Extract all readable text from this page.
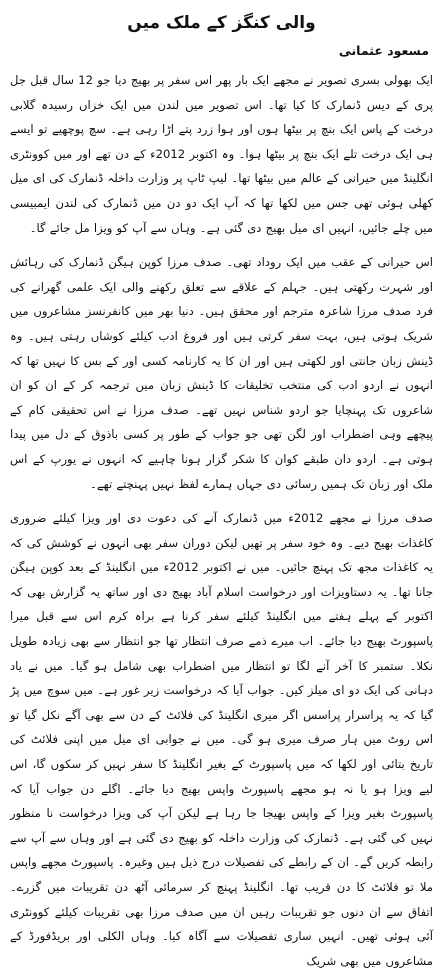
والی کنگز کے ملک میں
مسعود عثمانی
ایک بھولی بسری تصویر نے مجھے ایک بار پھر اس سفر پر بھیج دیا جو 12 سال قبل جل پری کے دیس ڈنمارک کا کیا تھا۔ اس تصویر میں لندن میں ایک خزاں رسیدہ گلابی درخت کے پاس ایک بنچ پر بیٹھا ہوں اور ہوا زرد پتے اڑا رہی ہے۔ سچ پوچھیے تو ایسے ہی ایک درخت تلے ایک بنچ پر بیٹھا ہوا۔ وہ اکتوبر 2012ء کے دن تھے اور میں کوونٹری انگلینڈ میں حیرانی کے عالم میں بیٹھا تھا۔ لیپ ٹاپ پر وزارت داخلہ ڈنمارک کی ای میل کھلی ہوئی تھی جس میں لکھا تھا کہ آپ ایک دو دن میں ڈنمارک کی لندن ایمبیسی میں چلے جائیں، انہیں ای میل بھیج دی گئی ہے۔ وہاں سے آپ کو ویزا مل جائے گا۔
اس حیرانی کے عقب میں ایک روداد تھی۔ صدف مرزا کوپن ہیگن ڈنمارک کی رہائش اور شہرت رکھتی ہیں۔ جہلم کے علاقے سے تعلق رکھنے والی ایک علمی گھرانے کی فرد صدف مرزا شاعرہ مترجم اور محقق ہیں۔ دنیا بھر میں کانفرنسز مشاعروں میں شریک ہوتی ہیں، بہت سفر کرتی ہیں اور فروغ ادب کیلئے کوشاں رہتی ہیں۔ وہ ڈینش زبان جانتی اور لکھتی ہیں اور ان کا یہ کارنامہ کسی اور کے بس کا نہیں تھا کہ انہوں نے اردو ادب کی منتخب تخلیقات کا ڈینش زبان میں ترجمہ کر کے ان کو ان شاعروں تک پہنچایا جو اردو شناس نہیں تھے۔ صدف مرزا نے اس تحقیقی کام کے پیچھے وہی اضطراب اور لگن تھی جو جواب کے طور پر کسی باذوق کے دل میں پیدا ہوتی ہے۔ اردو دان طبقے کوان کا شکر گزار ہونا چاہیے کہ انہوں نے یورپ کے اس ملک اور زبان تک ہمیں رسائی دی جہاں ہمارے لفظ نہیں پہنچتے تھے۔
صدف مرزا نے مجھے 2012ء میں ڈنمارک آنے کی دعوت دی اور ویزا کیلئے ضروری کاغذات بھیج دیے۔ وہ خود سفر پر تھیں لیکن دوران سفر بھی انہوں نے کوشش کی کہ یہ کاغذات مجھ تک پہنچ جائیں۔ میں نے اکتوبر 2012ء میں انگلینڈ کے بعد کوپن ہیگن جانا تھا۔ یہ دستاویزات اور درخواست اسلام آباد بھیج دی اور ساتھ یہ گزارش بھی کہ اکتوبر کے پہلے ہفتے میں انگلینڈ کیلئے سفر کرنا ہے براہ کرم اس سے قبل میرا پاسپورٹ بھیج دیا جائے۔ اب میرے ذمے صرف انتظار تھا جو انتظار سے بھی زیادہ طویل نکلا۔ ستمبر کا آخر آنے لگا تو انتظار میں اضطراب بھی شامل ہو گیا۔ میں نے یاد دہانی کی ایک دو ای میلز کیں۔ جواب آیا کہ درخواست زیر غور ہے۔ میں سوچ میں پڑ گیا کہ یہ پراسرار پراسس اگر میری انگلینڈ کی فلائٹ کے دن سے بھی آگے نکل گیا تو اس روٹ میں ہار صرف میری ہو گی۔ میں نے جوابی ای میل میں اپنی فلائٹ کی تاریخ بتائی اور لکھا کہ میں پاسپورٹ کے بغیر انگلینڈ کا سفر نہیں کر سکوں گا، اس لیے ویزا ہو یا نہ ہو مجھے پاسپورٹ واپس بھیج دیا جائے۔ اگلے دن جواب آیا کہ پاسپورٹ بغیر ویزا کے واپس بھیجا جا رہا ہے لیکن آپ کی ویزا درخواست نا منظور نہیں کی گئی ہے۔ ڈنمارک کی وزارت داخلہ کو بھیج دی گئی ہے اور وہاں سے آپ سے رابطہ کریں گے۔ ان کے رابطے کی تفصیلات درج ذیل ہیں وغیرہ۔ پاسپورٹ مجھے واپس ملا تو فلائٹ کا دن قریب تھا۔ انگلینڈ پہنچ کر سرمائی آٹھ دن تقریبات میں گزرے۔ اتفاق سے ان دنوں جو تقریبات رہیں ان میں صدف مرزا بھی تقریبات کیلئے کوونٹری آئی ہوئی تھیں۔ انہیں ساری تفصیلات سے آگاہ کیا۔ وہاں الکلی اور بریڈفورڈ کے مشاعروں میں بھی شریک
